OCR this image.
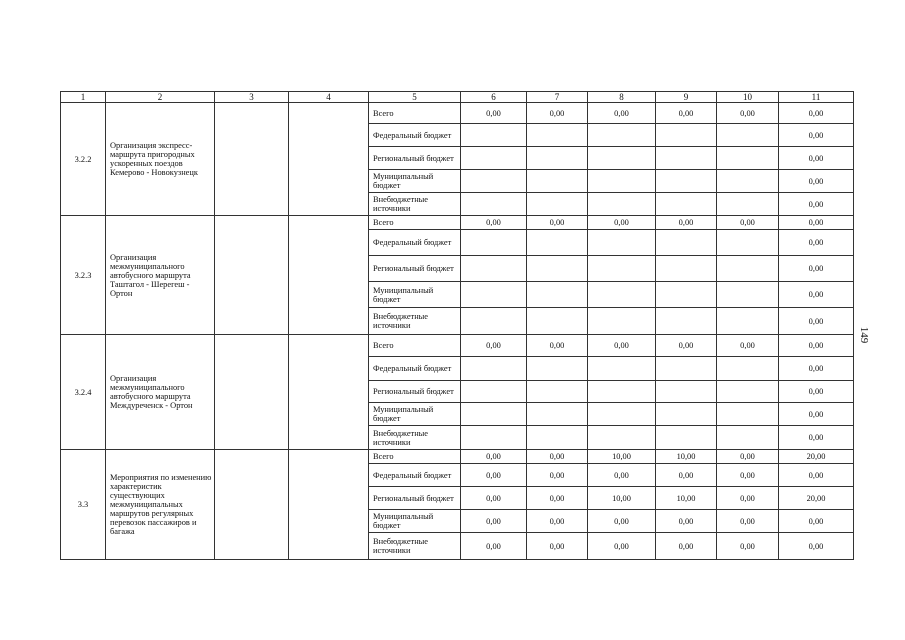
1	2	3	4	5	6	7	8	9	10	11
3.2.2	Организация экспресс-маршрута пригородных ускоренных поездов Кемерово - Новокузнецк			Всего	0,00	0,00	0,00	0,00	0,00	0,00
				Федеральный бюджет						0,00
				Региональный бюджет						0,00
				Муниципальный бюджет						0,00
				Внебюджетные источники						0,00
3.2.3	Организация межмуниципального автобусного маршрута Таштагол - Шерегеш - Ортон			Всего	0,00	0,00	0,00	0,00	0,00	0,00
				Федеральный бюджет						0,00
				Региональный бюджет						0,00
				Муниципальный бюджет						0,00
				Внебюджетные источники						0,00
3.2.4	Организация межмуниципального автобусного маршрута Междуреченск - Ортон			Всего	0,00	0,00	0,00	0,00	0,00	0,00
				Федеральный бюджет						0,00
				Региональный бюджет						0,00
				Муниципальный бюджет						0,00
				Внебюджетные источники						0,00
3.3	Мероприятия по изменению характеристик существующих межмуниципальных маршрутов регулярных перевозок пассажиров и багажа			Всего	0,00	0,00	10,00	10,00	0,00	20,00
				Федеральный бюджет	0,00	0,00	0,00	0,00	0,00	0,00
				Региональный бюджет	0,00	0,00	10,00	10,00	0,00	20,00
				Муниципальный бюджет	0,00	0,00	0,00	0,00	0,00	0,00
				Внебюджетные источники	0,00	0,00	0,00	0,00	0,00	0,00
149
